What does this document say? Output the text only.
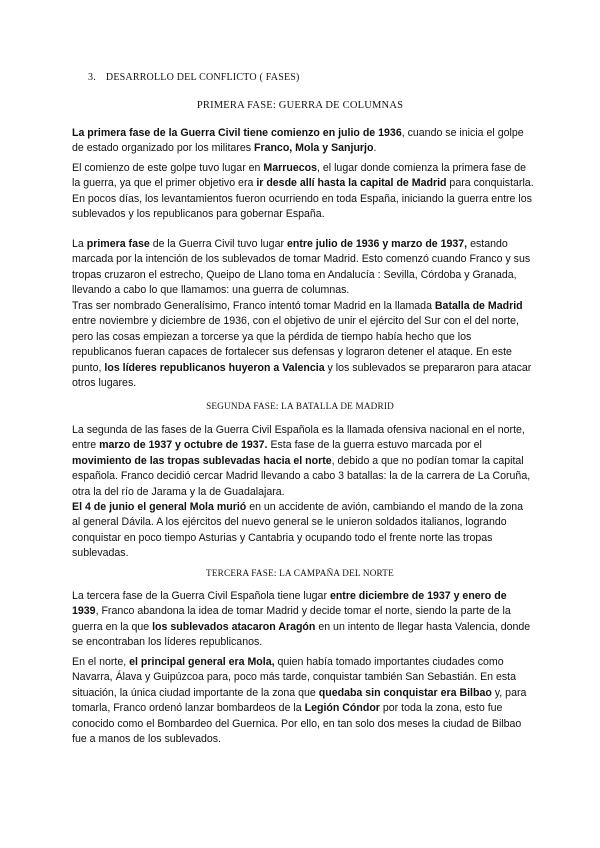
3. DESARROLLO DEL CONFLICTO ( FASES)
PRIMERA FASE: GUERRA DE COLUMNAS

La primera fase de la Guerra Civil tiene comienzo en julio de 1936, cuando se inicia el golpe de estado organizado por los militares Franco, Mola y Sanjurjo.

El comienzo de este golpe tuvo lugar en Marruecos, el lugar donde comienza la primera fase de la guerra, ya que el primer objetivo era ir desde allí hasta la capital de Madrid para conquistarla. En pocos días, los levantamientos fueron ocurriendo en toda España, iniciando la guerra entre los sublevados y los republicanos para gobernar España.

La primera fase de la Guerra Civil tuvo lugar entre julio de 1936 y marzo de 1937, estando marcada por la intención de los sublevados de tomar Madrid. Esto comenzó cuando Franco y sus tropas cruzaron el estrecho, Queipo de Llano toma en Andalucía : Sevilla, Córdoba y Granada, llevando a cabo lo que llamamos: una guerra de columnas.

Tras ser nombrado Generalísimo, Franco intentó tomar Madrid en la llamada Batalla de Madrid entre noviembre y diciembre de 1936, con el objetivo de unir el ejército del Sur con el del norte, pero las cosas empiezan a torcerse ya que la pérdida de tiempo había hecho que los republicanos fueran capaces de fortalecer sus defensas y lograron detener el ataque. En este punto, los líderes republicanos huyeron a Valencia y los sublevados se prepararon para atacar otros lugares.

SEGUNDA FASE: LA BATALLA DE MADRID

La segunda de las fases de la Guerra Civil Española es la llamada ofensiva nacional en el norte, entre marzo de 1937 y octubre de 1937. Esta fase de la guerra estuvo marcada por el movimiento de las tropas sublevadas hacia el norte, debido a que no podían tomar la capital española. Franco decidió cercar Madrid llevando a cabo 3 batallas: la de la carrera de La Coruña, otra la del río de Jarama y la de Guadalajara.

El 4 de junio el general Mola murió en un accidente de avión, cambiando el mando de la zona al general Dávila. A los ejércitos del nuevo general se le unieron soldados italianos, logrando conquistar en poco tiempo Asturias y Cantabria y ocupando todo el frente norte las tropas sublevadas.

TERCERA FASE: LA CAMPAÑA DEL NORTE

La tercera fase de la Guerra Civil Española tiene lugar entre diciembre de 1937 y enero de 1939, Franco abandona la idea de tomar Madrid y decide tomar el norte, siendo la parte de la guerra en la que los sublevados atacaron Aragón en un intento de llegar hasta Valencia, donde se encontraban los líderes republicanos.

En el norte, el principal general era Mola, quien había tomado importantes ciudades como Navarra, Álava y Guipúzcoa para, poco más tarde, conquistar también San Sebastián. En esta situación, la única ciudad importante de la zona que quedaba sin conquistar era Bilbao y, para tomarla, Franco ordenó lanzar bombardeos de la Legión Cóndor por toda la zona, esto fue conocido como el Bombardeo del Guernica. Por ello, en tan solo dos meses la ciudad de Bilbao fue a manos de los sublevados.
